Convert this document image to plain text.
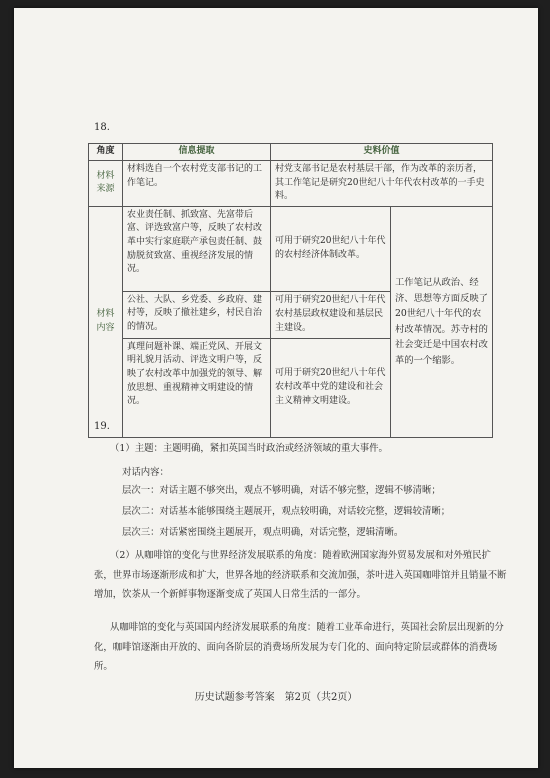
18.
角度	信息提取	史料价值	
材料
来源	材料选自一个农村党支部书记的工作笔记。	村党支部书记是农村基层干部，作为改革的亲历者，其工作笔记是研究20世纪八十年代农村改革的一手史料。	
材料
内容	农业责任制、抓致富、先富带后富、评选致富户等，反映了农村改革中实行家庭联产承包责任制、鼓励脱贫致富、重视经济发展的情况。	可用于研究20世纪八十年代的农村经济体制改革。	工作笔记从政治、经济、思想等方面反映了20世纪八十年代的农村改革情况。苏寺村的社会变迁是中国农村改革的一个缩影。
	公社、大队、乡党委、乡政府、建村等，反映了撤社建乡，村民自治的情况。	可用于研究20世纪八十年代农村基层政权建设和基层民主建设。	
	真理问题补课、端正党风、开展文明礼貌月活动、评选文明户等，反映了农村改革中加强党的领导、解放思想、重视精神文明建设的情况。	可用于研究20世纪八十年代农村改革中党的建设和社会主义精神文明建设。	
19.
（1）主题：主题明确，紧扣英国当时政治或经济领域的重大事件。
对话内容：
层次一：对话主题不够突出，观点不够明确，对话不够完整，逻辑不够清晰；
层次二：对话基本能够围绕主题展开，观点较明确，对话较完整，逻辑较清晰；
层次三：对话紧密围绕主题展开，观点明确，对话完整，逻辑清晰。
（2）从咖啡馆的变化与世界经济发展联系的角度：随着欧洲国家海外贸易发展和对外殖民扩张，世界市场逐渐形成和扩大，世界各地的经济联系和交流加强，茶叶进入英国咖啡馆并且销量不断增加，饮茶从一个新鲜事物逐渐变成了英国人日常生活的一部分。
从咖啡馆的变化与英国国内经济发展联系的角度：随着工业革命进行，英国社会阶层出现新的分化，咖啡馆逐渐由开放的、面向各阶层的消费场所发展为专门化的、面向特定阶层或群体的消费场所。
历史试题参考答案　第2页（共2页）
